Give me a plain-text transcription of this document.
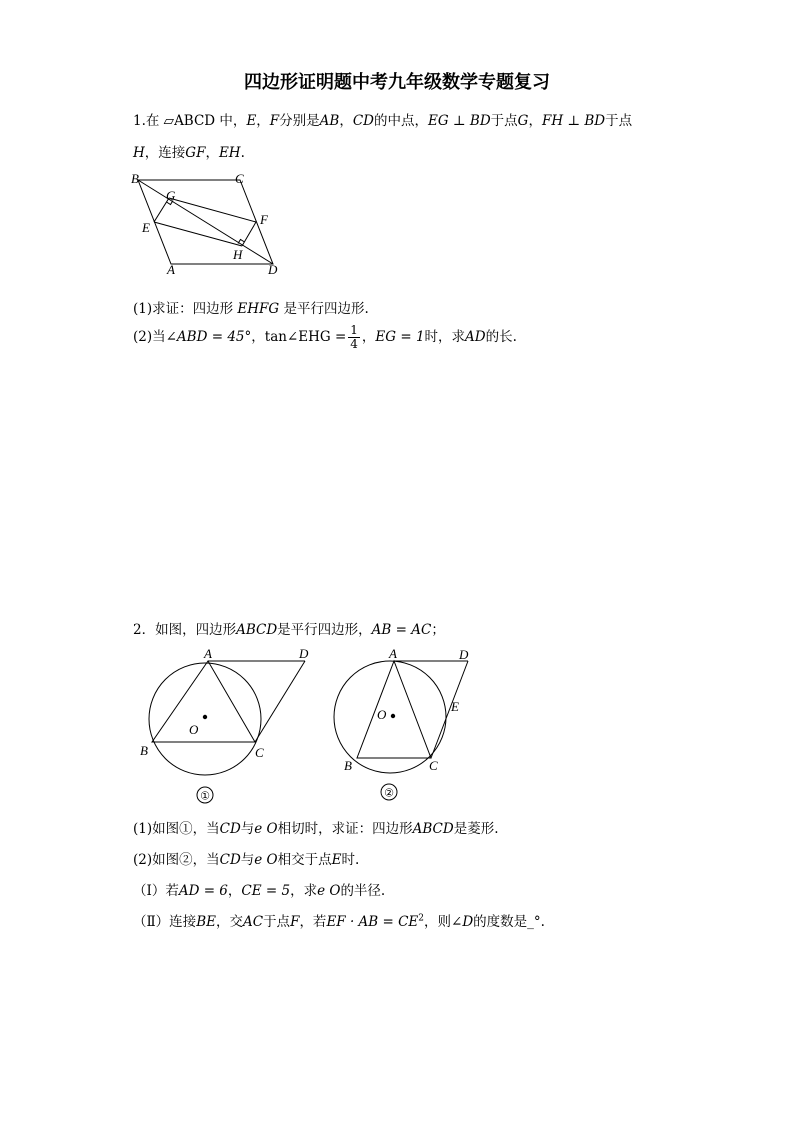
四边形证明题中考九年级数学专题复习
1.在 ▱ABCD 中，E，F分别是AB，CD的中点，EG ⊥ BD于点G，FH ⊥ BD于点
H，连接GF，EH.
B	C
G
F
E
H
A	D
(1)求证：四边形 EHFG 是平行四边形.
(2)当∠ABD = 45°，tan∠EHG = $\frac{1}{4}$ ，EG = 1时，求AD的长.
2．如图，四边形ABCD是平行四边形，AB = AC；
A	D
O
B	C
①
A	D
E
O
B	C
②
(1)如图①，当CD与e O相切时，求证：四边形ABCD是菱形.
(2)如图②，当CD与e O相交于点E时.
（Ⅰ）若AD = 6，CE = 5，求e O的半径.
（Ⅱ）连接BE，交AC于点F，若EF · AB = $CE^2$，则∠D的度数是_°.
